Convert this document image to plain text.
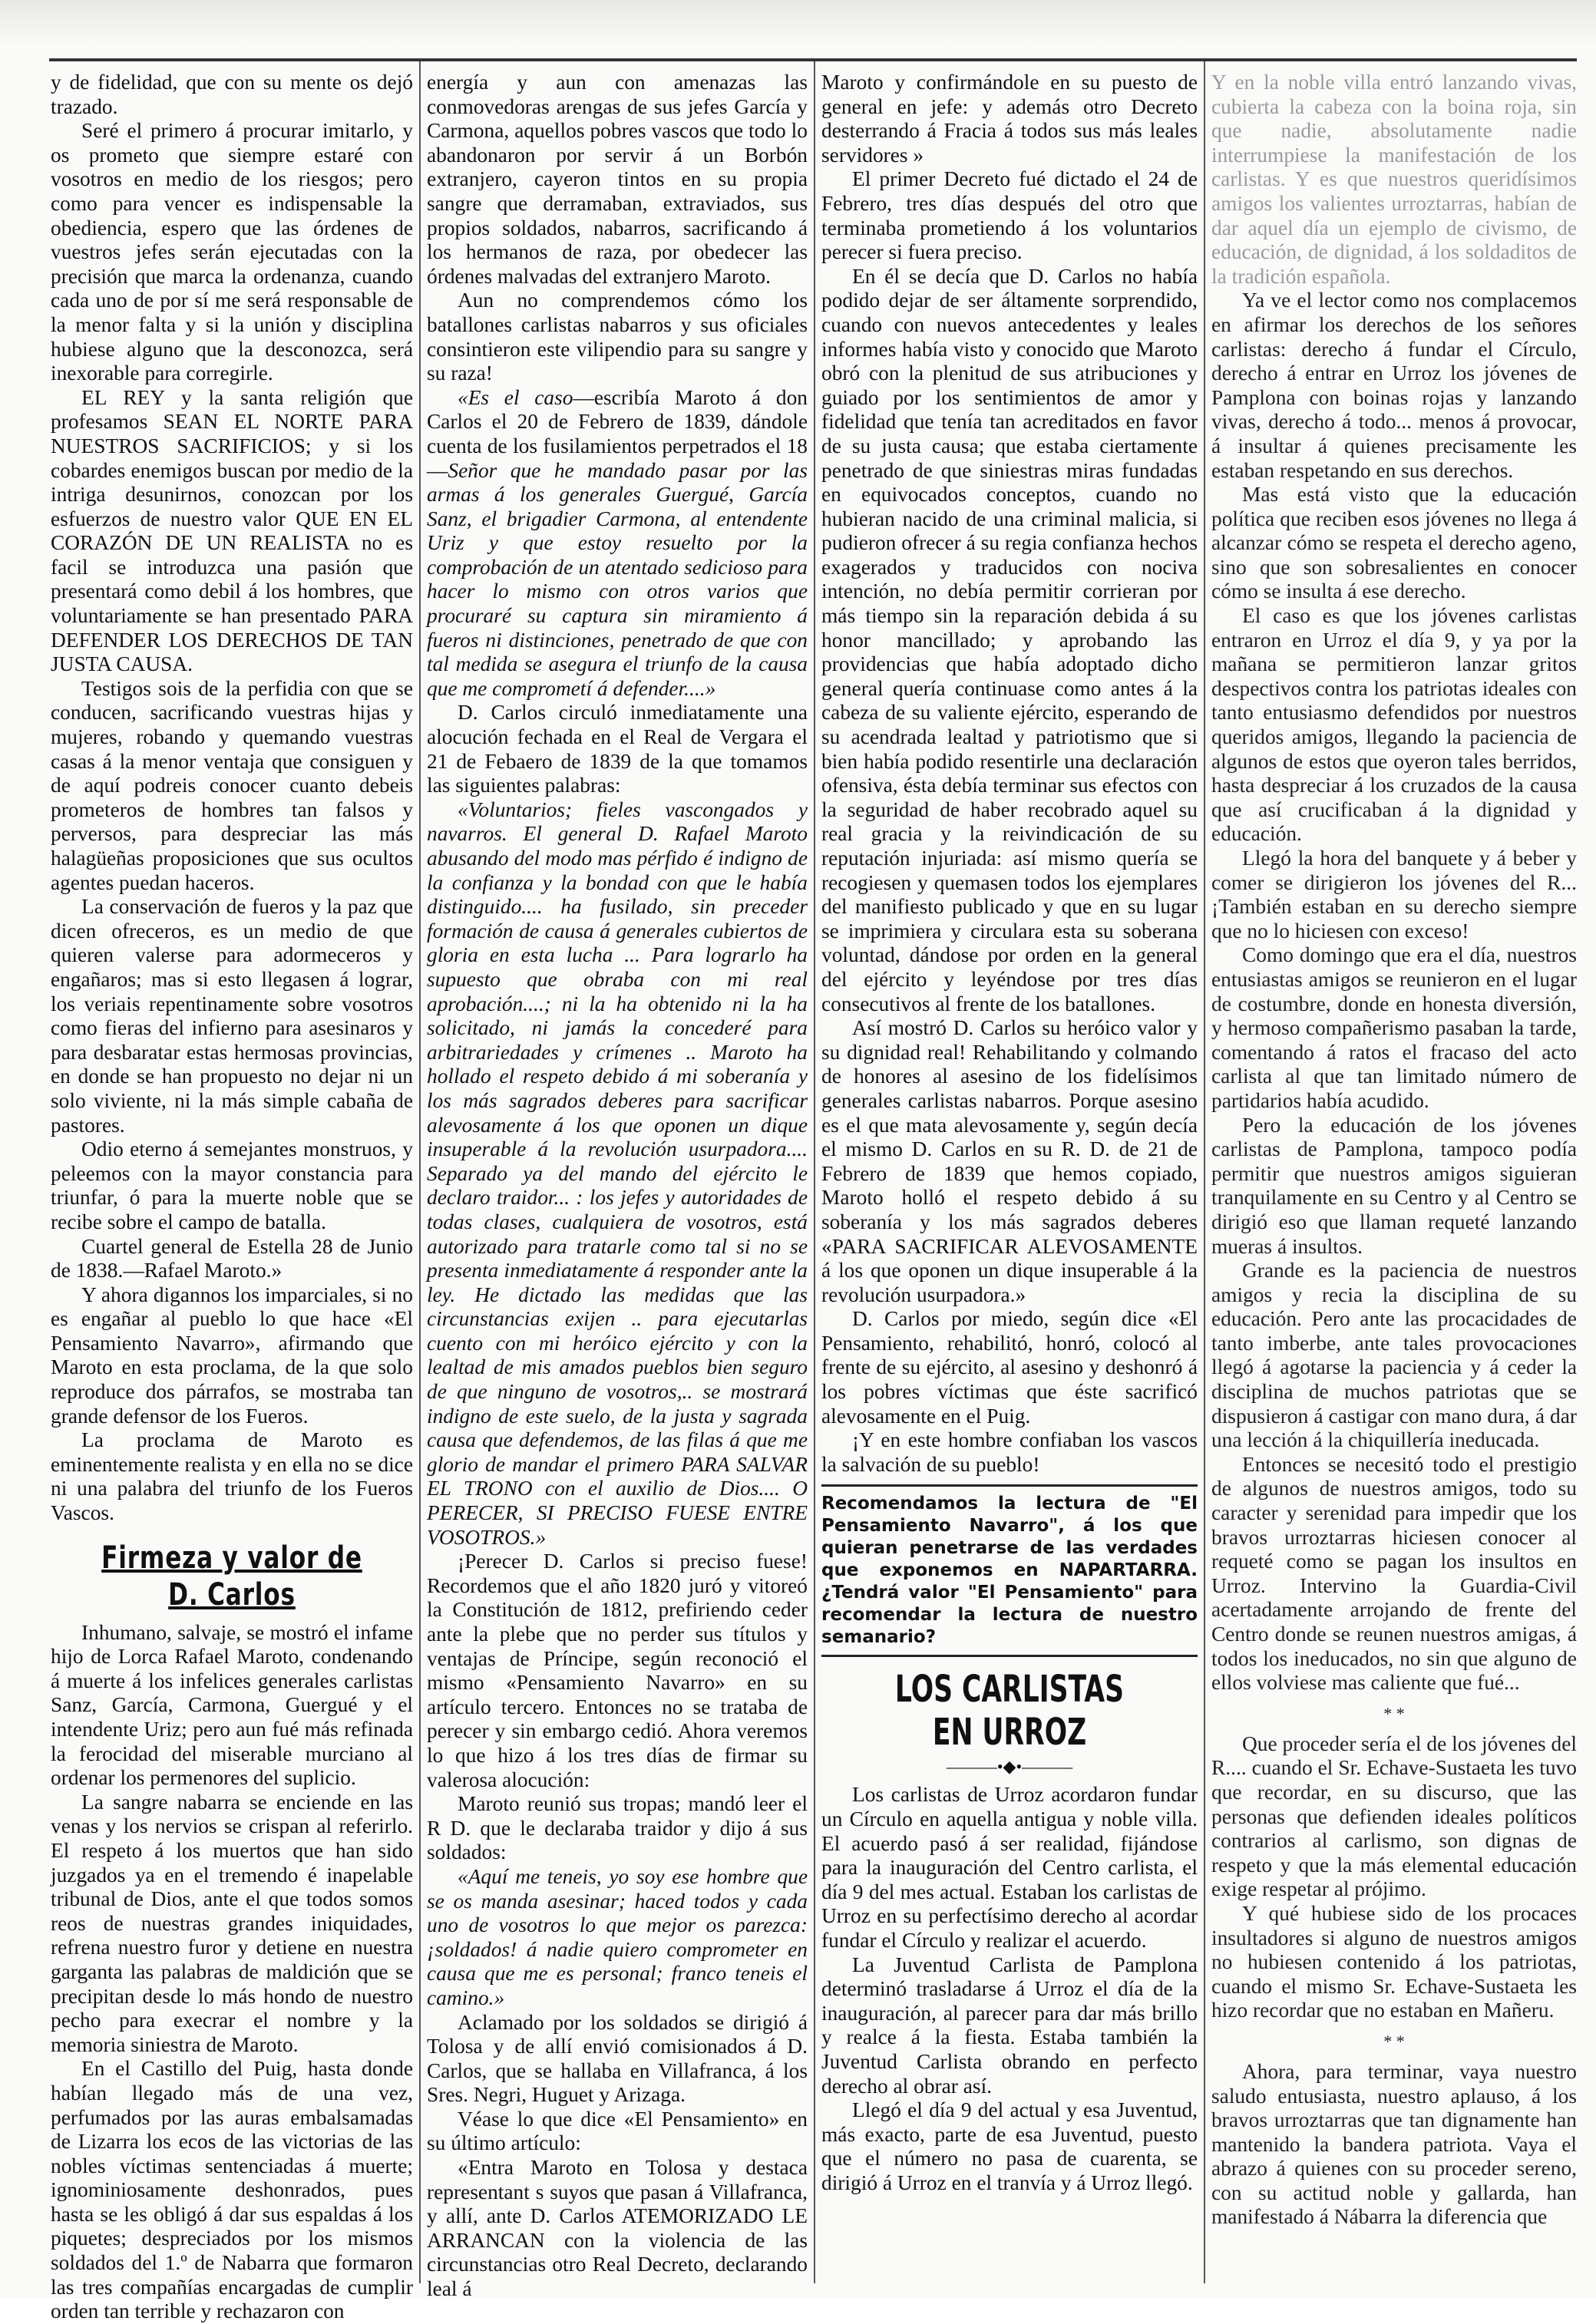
y de fidelidad, que con su mente os dejó trazado.

Seré el primero á procurar imitarlo, y os prometo que siempre estaré con vosotros en medio de los riesgos; pero como para vencer es indispensable la obediencia, espero que las órdenes de vuestros jefes serán ejecutadas con la precisión que marca la ordenanza, cuando cada uno de por sí me será responsable de la menor falta y si la unión y disciplina hubiese alguno que la desconozca, será inexorable para corregirle.

EL REY y la santa religión que profesamos SEAN EL NORTE PARA NUESTROS SACRIFICIOS; y si los cobardes enemigos buscan por medio de la intriga desunirnos, conozcan por los esfuerzos de nuestro valor QUE EN EL CORAZÓN DE UN REALISTA no es facil se introduzca una pasión que presentará como debil á los hombres, que voluntariamente se han presentado PARA DEFENDER LOS DERECHOS DE TAN JUSTA CAUSA.

Testigos sois de la perfidia con que se conducen, sacrificando vuestras hijas y mujeres, robando y quemando vuestras casas á la menor ventaja que consiguen y de aquí podreis conocer cuanto debeis prometeros de hombres tan falsos y perversos, para despreciar las más halagüeñas proposiciones que sus ocultos agentes puedan haceros.

La conservación de fueros y la paz que dicen ofreceros, es un medio de que quieren valerse para adormeceros y engañaros; mas si esto llegasen á lograr, los veriais repentinamente sobre vosotros como fieras del infierno para asesinaros y para desbaratar estas hermosas provincias, en donde se han propuesto no dejar ni un solo viviente, ni la más simple cabaña de pastores.

Odio eterno á semejantes monstruos, y peleemos con la mayor constancia para triunfar, ó para la muerte noble que se recibe sobre el campo de batalla.

Cuartel general de Estella 28 de Junio de 1838.—Rafael Maroto.»

Y ahora digannos los imparciales, si no es engañar al pueblo lo que hace «El Pensamiento Navarro», afirmando que Maroto en esta proclama, de la que solo reproduce dos párrafos, se mostraba tan grande defensor de los Fueros.

La proclama de Maroto es eminentemente realista y en ella no se dice ni una palabra del triunfo de los Fueros Vascos.

Firmeza y valor de D. Carlos

Inhumano, salvaje, se mostró el infame hijo de Lorca Rafael Maroto, condenando á muerte á los infelices generales carlistas Sanz, García, Carmona, Guergué y el intendente Uriz; pero aun fué más refinada la ferocidad del miserable murciano al ordenar los permenores del suplicio.

La sangre nabarra se enciende en las venas y los nervios se crispan al referirlo. El respeto á los muertos que han sido juzgados ya en el tremendo é inapelable tribunal de Dios, ante el que todos somos reos de nuestras grandes iniquidades, refrena nuestro furor y detiene en nuestra garganta las palabras de maldición que se precipitan desde lo más hondo de nuestro pecho para execrar el nombre y la memoria siniestra de Maroto.

En el Castillo del Puig, hasta donde habían llegado más de una vez, perfumados por las auras embalsamadas de Lizarra los ecos de las victorias de las nobles víctimas sentenciadas á muerte; ignominiosamente deshonrados, pues hasta se les obligó á dar sus espaldas á los piquetes; despreciados por los mismos soldados del 1.º de Nabarra que formaron las tres compañías encargadas de cumplir orden tan terrible y rechazaron con

energía y aun con amenazas las conmovedoras arengas de sus jefes García y Carmona, aquellos pobres vascos que todo lo abandonaron por servir á un Borbón extranjero, cayeron tintos en su propia sangre que derramaban, extraviados, sus propios soldados, nabarros, sacrificando á los hermanos de raza, por obedecer las órdenes malvadas del extranjero Maroto.

Aun no comprendemos cómo los batallones carlistas nabarros y sus oficiales consintieron este vilipendio para su sangre y su raza!

«Es el caso—escribía Maroto á don Carlos el 20 de Febrero de 1839, dándole cuenta de los fusilamientos perpetrados el 18—Señor que he mandado pasar por las armas á los generales Guergué, García Sanz, el brigadier Carmona, al entendente Uriz y que estoy resuelto por la comprobación de un atentado sedicioso para hacer lo mismo con otros varios que procuraré su captura sin miramiento á fueros ni distinciones, penetrado de que con tal medida se asegura el triunfo de la causa que me comprometí á defender....»

D. Carlos circuló inmediatamente una alocución fechada en el Real de Vergara el 21 de Febaero de 1839 de la que tomamos las siguientes palabras:

«Voluntarios; fieles vascongados y navarros. El general D. Rafael Maroto abusando del modo mas pérfido é indigno de la confianza y la bondad con que le había distinguido.... ha fusilado, sin preceder formación de causa á generales cubiertos de gloria en esta lucha ... Para lograrlo ha supuesto que obraba con mi real aprobación....; ni la ha obtenido ni la ha solicitado, ni jamás la concederé para arbitrariedades y crímenes .. Maroto ha hollado el respeto debido á mi soberanía y los más sagrados deberes para sacrificar alevosamente á los que oponen un dique insuperable á la revolución usurpadora.... Separado ya del mando del ejército le declaro traidor... : los jefes y autoridades de todas clases, cualquiera de vosotros, está autorizado para tratarle como tal si no se presenta inmediatamente á responder ante la ley. He dictado las medidas que las circunstancias exijen .. para ejecutarlas cuento con mi heróico ejército y con la lealtad de mis amados pueblos bien seguro de que ninguno de vosotros,.. se mostrará indigno de este suelo, de la justa y sagrada causa que defendemos, de las filas á que me glorio de mandar el primero PARA SALVAR EL TRONO con el auxilio de Dios.... O PERECER, SI PRECISO FUESE ENTRE VOSOTROS.»

¡Perecer D. Carlos si preciso fuese! Recordemos que el año 1820 juró y vitoreó la Constitución de 1812, prefiriendo ceder ante la plebe que no perder sus títulos y ventajas de Príncipe, según reconoció el mismo «Pensamiento Navarro» en su artículo tercero. Entonces no se trataba de perecer y sin embargo cedió. Ahora veremos lo que hizo á los tres días de firmar su valerosa alocución:

Maroto reunió sus tropas; mandó leer el R D. que le declaraba traidor y dijo á sus soldados:

«Aquí me teneis, yo soy ese hombre que se os manda asesinar; haced todos y cada uno de vosotros lo que mejor os parezca: ¡soldados! á nadie quiero comprometer en causa que me es personal; franco teneis el camino.»

Aclamado por los soldados se dirigió á Tolosa y de allí envió comisionados á D. Carlos, que se hallaba en Villafranca, á los Sres. Negri, Huguet y Arizaga.

Véase lo que dice «El Pensamiento» en su último artículo:

«Entra Maroto en Tolosa y destaca representant s suyos que pasan á Villafranca, y allí, ante D. Carlos ATEMORIZADO LE ARRANCAN con la violencia de las circunstancias otro Real Decreto, declarando leal á

Maroto y confirmándole en su puesto de general en jefe: y además otro Decreto desterrando á Fracia á todos sus más leales servidores »

El primer Decreto fué dictado el 24 de Febrero, tres días después del otro que terminaba prometiendo á los voluntarios perecer si fuera preciso.

En él se decía que D. Carlos no había podido dejar de ser áltamente sorprendido, cuando con nuevos antecedentes y leales informes había visto y conocido que Maroto obró con la plenitud de sus atribuciones y guiado por los sentimientos de amor y fidelidad que tenía tan acreditados en favor de su justa causa; que estaba ciertamente penetrado de que siniestras miras fundadas en equivocados conceptos, cuando no hubieran nacido de una criminal malicia, si pudieron ofrecer á su regia confianza hechos exagerados y traducidos con nociva intención, no debía permitir corrieran por más tiempo sin la reparación debida á su honor mancillado; y aprobando las providencias que había adoptado dicho general quería continuase como antes á la cabeza de su valiente ejército, esperando de su acendrada lealtad y patriotismo que si bien había podido resentirle una declaración ofensiva, ésta debía terminar sus efectos con la seguridad de haber recobrado aquel su real gracia y la reivindicación de su reputación injuriada: así mismo quería se recogiesen y quemasen todos los ejemplares del manifiesto publicado y que en su lugar se imprimiera y circulara esta su soberana voluntad, dándose por orden en la general del ejército y leyéndose por tres días consecutivos al frente de los batallones.

Así mostró D. Carlos su heróico valor y su dignidad real! Rehabilitando y colmando de honores al asesino de los fidelísimos generales carlistas nabarros. Porque asesino es el que mata alevosamente y, según decía el mismo D. Carlos en su R. D. de 21 de Febrero de 1839 que hemos copiado, Maroto holló el respeto debido á su soberanía y los más sagrados deberes «PARA SACRIFICAR ALEVOSAMENTE á los que oponen un dique insuperable á la revolución usurpadora.»

D. Carlos por miedo, según dice «El Pensamiento, rehabilitó, honró, colocó al frente de su ejército, al asesino y deshonró á los pobres víctimas que éste sacrificó alevosamente en el Puig.

¡Y en este hombre confiaban los vascos la salvación de su pueblo!

Recomendamos la lectura de "El Pensamiento Navarro", á los que quieran penetrarse de las verdades que exponemos en NAPARTARRA. ¿Tendrá valor "El Pensamiento" para recomendar la lectura de nuestro semanario?
LOS CARLISTAS EN URROZ
———•◆•———

Los carlistas de Urroz acordaron fundar un Círculo en aquella antigua y noble villa. El acuerdo pasó á ser realidad, fijándose para la inauguración del Centro carlista, el día 9 del mes actual. Estaban los carlistas de Urroz en su perfectísimo derecho al acordar fundar el Círculo y realizar el acuerdo.

La Juventud Carlista de Pamplona determinó trasladarse á Urroz el día de la inauguración, al parecer para dar más brillo y realce á la fiesta. Estaba también la Juventud Carlista obrando en perfecto derecho al obrar así.

Llegó el día 9 del actual y esa Juventud, más exacto, parte de esa Juventud, puesto que el número no pasa de cuarenta, se dirigió á Urroz en el tranvía y á Urroz llegó.

Y en la noble villa entró lanzando vivas, cubierta la cabeza con la boina roja, sin que nadie, absolutamente nadie interrumpiese la manifestación de los carlistas. Y es que nuestros queridísimos amigos los valientes urroztarras, habían de dar aquel día un ejemplo de civismo, de educación, de dignidad, á los soldaditos de la tradición española.

Ya ve el lector como nos complacemos en afirmar los derechos de los señores carlistas: derecho á fundar el Círculo, derecho á entrar en Urroz los jóvenes de Pamplona con boinas rojas y lanzando vivas, derecho á todo... menos á provocar, á insultar á quienes precisamente les estaban respetando en sus derechos.

Mas está visto que la educación política que reciben esos jóvenes no llega á alcanzar cómo se respeta el derecho ageno, sino que son sobresalientes en conocer cómo se insulta á ese derecho.

El caso es que los jóvenes carlistas entraron en Urroz el día 9, y ya por la mañana se permitieron lanzar gritos despectivos contra los patriotas ideales con tanto entusiasmo defendidos por nuestros queridos amigos, llegando la paciencia de algunos de estos que oyeron tales berridos, hasta despreciar á los cruzados de la causa que así crucificaban á la dignidad y educación.

Llegó la hora del banquete y á beber y comer se dirigieron los jóvenes del R... ¡También estaban en su derecho siempre que no lo hiciesen con exceso!

Como domingo que era el día, nuestros entusiastas amigos se reunieron en el lugar de costumbre, donde en honesta diversión, y hermoso compañerismo pasaban la tarde, comentando á ratos el fracaso del acto carlista al que tan limitado número de partidarios había acudido.

Pero la educación de los jóvenes carlistas de Pamplona, tampoco podía permitir que nuestros amigos siguieran tranquilamente en su Centro y al Centro se dirigió eso que llaman requeté lanzando mueras á insultos.

Grande es la paciencia de nuestros amigos y recia la disciplina de su educación. Pero ante las procacidades de tanto imberbe, ante tales provocaciones llegó á agotarse la paciencia y á ceder la disciplina de muchos patriotas que se dispusieron á castigar con mano dura, á dar una lección á la chiquillería ineducada.

Entonces se necesitó todo el prestigio de algunos de nuestros amigos, todo su caracter y serenidad para impedir que los bravos urroztarras hiciesen conocer al requeté como se pagan los insultos en Urroz. Intervino la Guardia-Civil acertadamente arrojando de frente del Centro donde se reunen nuestros amigas, á todos los ineducados, no sin que alguno de ellos volviese mas caliente que fué...

* *

Que proceder sería el de los jóvenes del R.... cuando el Sr. Echave-Sustaeta les tuvo que recordar, en su discurso, que las personas que defienden ideales políticos contrarios al carlismo, son dignas de respeto y que la más elemental educación exige respetar al prójimo.

Y qué hubiese sido de los procaces insultadores si alguno de nuestros amigos no hubiesen contenido á los patriotas, cuando el mismo Sr. Echave-Sustaeta les hizo recordar que no estaban en Mañeru.

* *

Ahora, para terminar, vaya nuestro saludo entusiasta, nuestro aplauso, á los bravos urroztarras que tan dignamente han mantenido la bandera patriota. Vaya el abrazo á quienes con su proceder sereno, con su actitud noble y gallarda, han manifestado á Nábarra la diferencia que
